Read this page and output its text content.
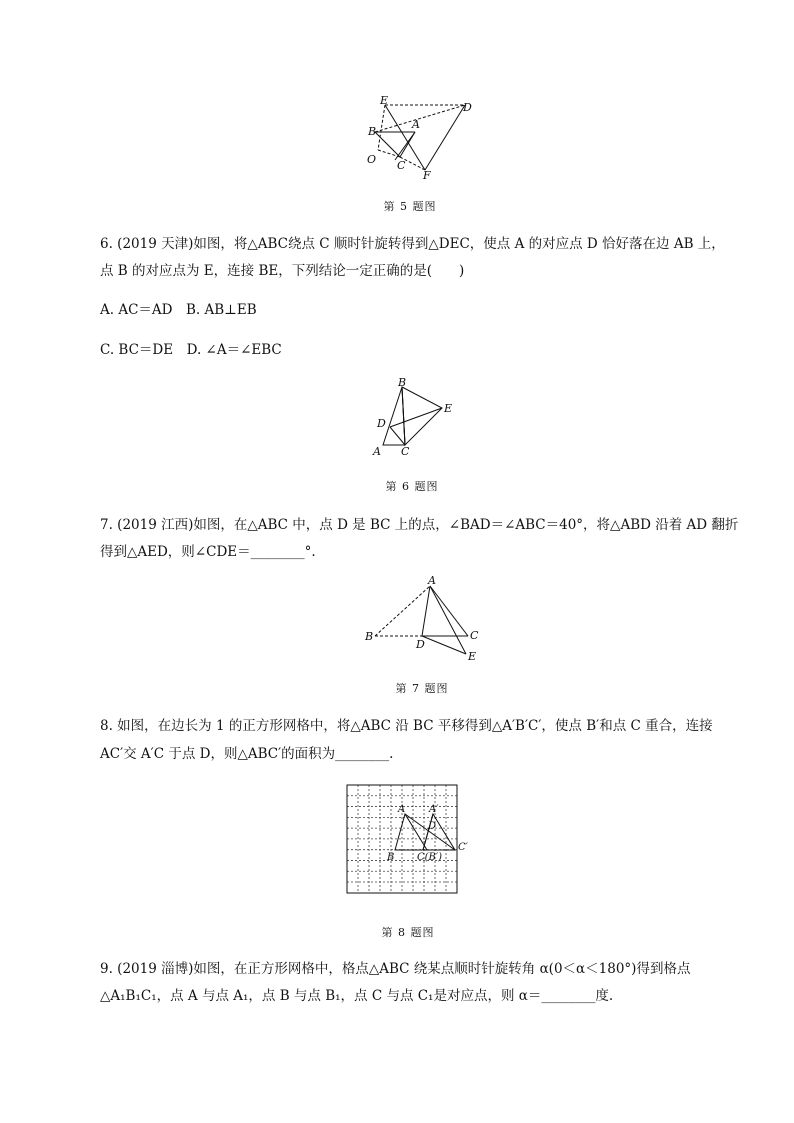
E
D
B
A
O C
F
第 5 题图
6. (2019 天津)如图，将△ABC绕点 C 顺时针旋转得到△DEC，使点 A 的对应点 D 恰好落在边 AB 上，
点 B 的对应点为 E，连接 BE，下列结论一定正确的是(　　)
A. AC＝AD　B. AB⊥EB
C. BC＝DE　D. ∠A＝∠EBC
B
E
D
A C
第 6 题图
7. (2019 江西)如图，在△ABC 中，点 D 是 BC 上的点，∠BAD＝∠ABC＝40°，将△ABD 沿着 AD 翻折
得到△AED，则∠CDE＝________°.
A
B	C
D
E
第 7 题图
8. 如图，在边长为 1 的正方形网格中，将△ABC 沿 BC 平移得到△A′B′C′，使点 B′和点 C 重合，连接
AC′交 A′C 于点 D，则△ABC′的面积为________.
A A′
D
B C(B′)
C′
第 8 题图
9. (2019 淄博)如图，在正方形网格中，格点△ABC 绕某点顺时针旋转角 α(0＜α＜180°)得到格点
△A₁B₁C₁，点 A 与点 A₁，点 B 与点 B₁，点 C 与点 C₁是对应点，则 α＝________度.
